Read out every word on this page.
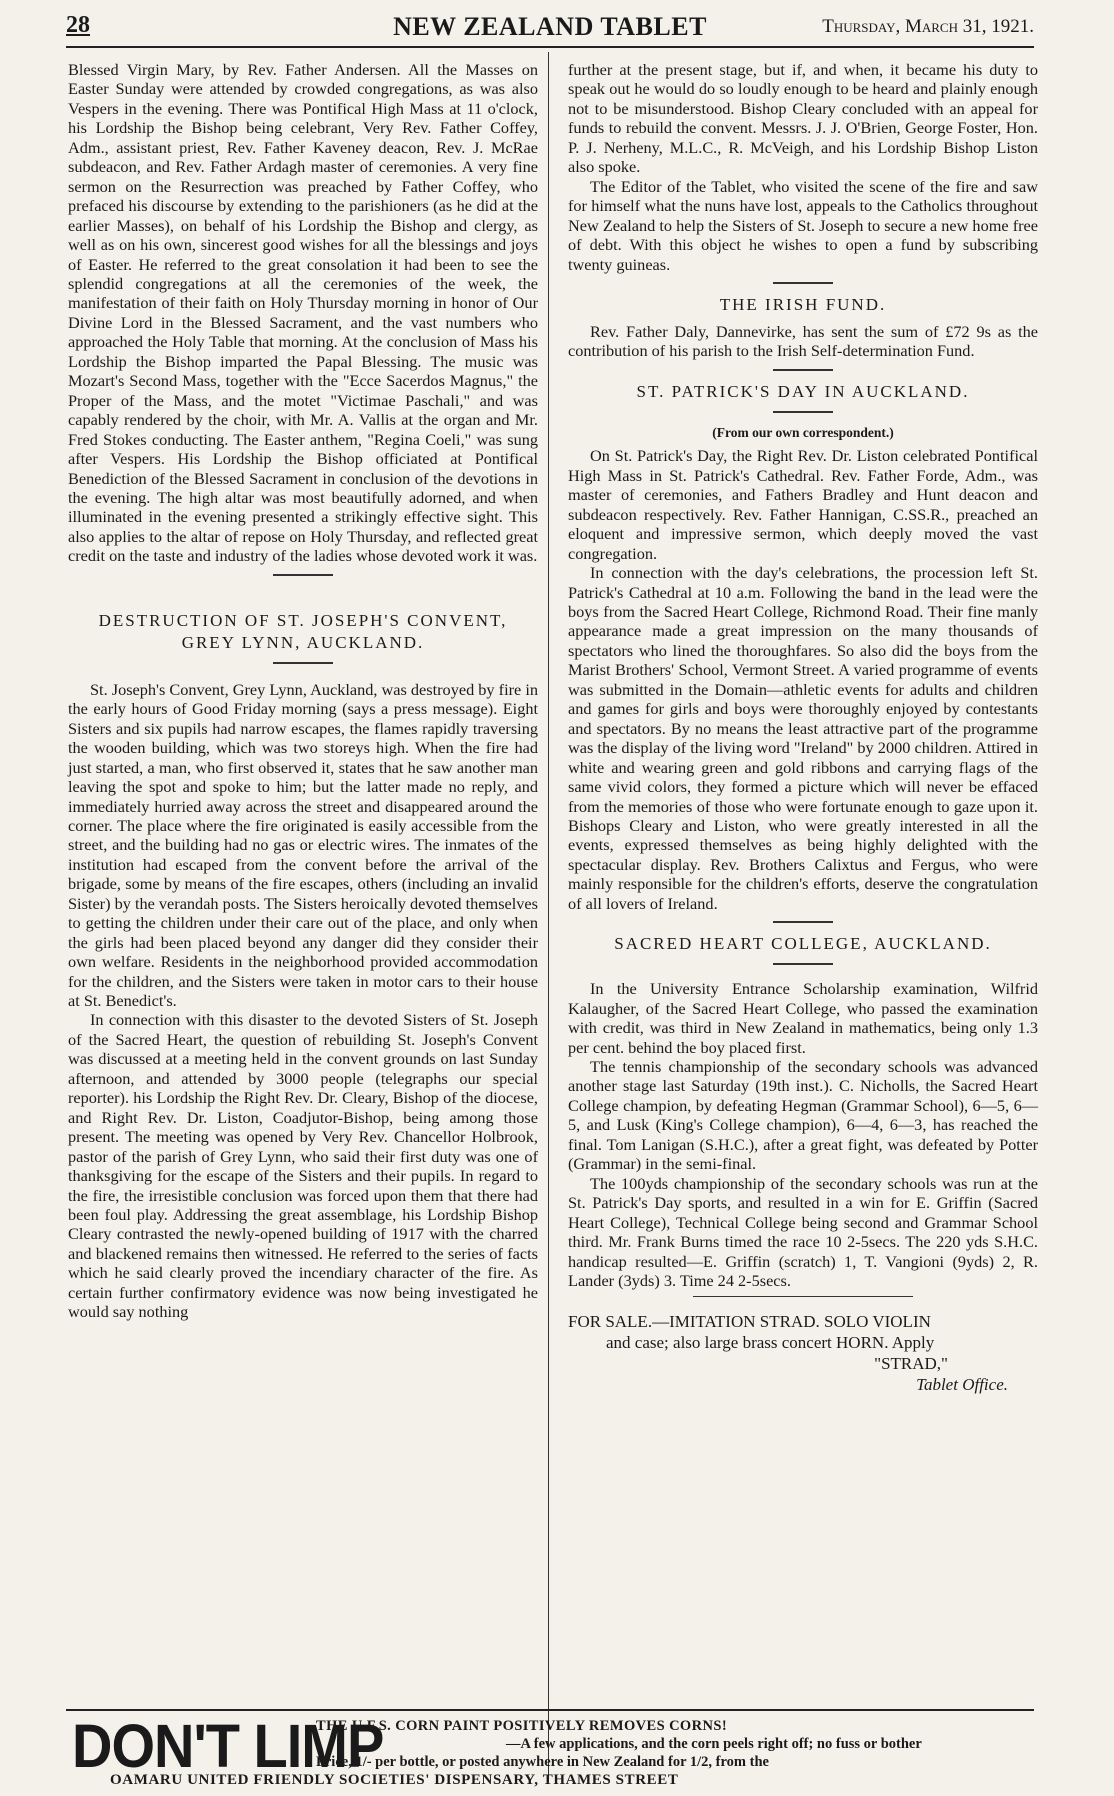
28	NEW ZEALAND TABLET	Thursday, March 31, 1921.

Blessed Virgin Mary, by Rev. Father Andersen. All the Masses on Easter Sunday were attended by crowded congregations, as was also Vespers in the evening. There was Pontifical High Mass at 11 o'clock, his Lordship the Bishop being celebrant, Very Rev. Father Coffey, Adm., assistant priest, Rev. Father Kaveney deacon, Rev. J. McRae subdeacon, and Rev. Father Ardagh master of ceremonies. A very fine sermon on the Resurrection was preached by Father Coffey, who prefaced his discourse by extending to the parishioners (as he did at the earlier Masses), on behalf of his Lordship the Bishop and clergy, as well as on his own, sincerest good wishes for all the blessings and joys of Easter. He referred to the great consolation it had been to see the splendid congregations at all the ceremonies of the week, the manifestation of their faith on Holy Thursday morning in honor of Our Divine Lord in the Blessed Sacrament, and the vast numbers who approached the Holy Table that morning. At the conclusion of Mass his Lordship the Bishop imparted the Papal Blessing. The music was Mozart's Second Mass, together with the "Ecce Sacerdos Magnus," the Proper of the Mass, and the motet "Victimae Paschali," and was capably rendered by the choir, with Mr. A. Vallis at the organ and Mr. Fred Stokes conducting. The Easter anthem, "Regina Coeli," was sung after Vespers. His Lordship the Bishop officiated at Pontifical Benediction of the Blessed Sacrament in conclusion of the devotions in the evening. The high altar was most beautifully adorned, and when illuminated in the evening presented a strikingly effective sight. This also applies to the altar of repose on Holy Thursday, and reflected great credit on the taste and industry of the ladies whose devoted work it was.

DESTRUCTION OF ST. JOSEPH'S CONVENT,
GREY LYNN, AUCKLAND.

St. Joseph's Convent, Grey Lynn, Auckland, was destroyed by fire in the early hours of Good Friday morning (says a press message). Eight Sisters and six pupils had narrow escapes, the flames rapidly traversing the wooden building, which was two storeys high. When the fire had just started, a man, who first observed it, states that he saw another man leaving the spot and spoke to him; but the latter made no reply, and immediately hurried away across the street and disappeared around the corner. The place where the fire originated is easily accessible from the street, and the building had no gas or electric wires. The inmates of the institution had escaped from the convent before the arrival of the brigade, some by means of the fire escapes, others (including an invalid Sister) by the verandah posts. The Sisters heroically devoted themselves to getting the children under their care out of the place, and only when the girls had been placed beyond any danger did they consider their own welfare. Residents in the neighborhood provided accommodation for the children, and the Sisters were taken in motor cars to their house at St. Benedict's.

In connection with this disaster to the devoted Sisters of St. Joseph of the Sacred Heart, the question of rebuilding St. Joseph's Convent was discussed at a meeting held in the convent grounds on last Sunday afternoon, and attended by 3000 people (telegraphs our special reporter). his Lordship the Right Rev. Dr. Cleary, Bishop of the diocese, and Right Rev. Dr. Liston, Coadjutor-Bishop, being among those present. The meeting was opened by Very Rev. Chancellor Holbrook, pastor of the parish of Grey Lynn, who said their first duty was one of thanksgiving for the escape of the Sisters and their pupils. In regard to the fire, the irresistible conclusion was forced upon them that there had been foul play. Addressing the great assemblage, his Lordship Bishop Cleary contrasted the newly-opened building of 1917 with the charred and blackened remains then witnessed. He referred to the series of facts which he said clearly proved the incendiary character of the fire. As certain further confirmatory evidence was now being investigated he would say nothing

further at the present stage, but if, and when, it became his duty to speak out he would do so loudly enough to be heard and plainly enough not to be misunderstood. Bishop Cleary concluded with an appeal for funds to rebuild the convent. Messrs. J. J. O'Brien, George Foster, Hon. P. J. Nerheny, M.L.C., R. McVeigh, and his Lordship Bishop Liston also spoke.

The Editor of the Tablet, who visited the scene of the fire and saw for himself what the nuns have lost, appeals to the Catholics throughout New Zealand to help the Sisters of St. Joseph to secure a new home free of debt. With this object he wishes to open a fund by subscribing twenty guineas.

THE IRISH FUND.

Rev. Father Daly, Dannevirke, has sent the sum of £72 9s as the contribution of his parish to the Irish Self-determination Fund.

ST. PATRICK'S DAY IN AUCKLAND.
(From our own correspondent.)

On St. Patrick's Day, the Right Rev. Dr. Liston celebrated Pontifical High Mass in St. Patrick's Cathedral. Rev. Father Forde, Adm., was master of ceremonies, and Fathers Bradley and Hunt deacon and subdeacon respectively. Rev. Father Hannigan, C.SS.R., preached an eloquent and impressive sermon, which deeply moved the vast congregation.

In connection with the day's celebrations, the procession left St. Patrick's Cathedral at 10 a.m. Following the band in the lead were the boys from the Sacred Heart College, Richmond Road. Their fine manly appearance made a great impression on the many thousands of spectators who lined the thoroughfares. So also did the boys from the Marist Brothers' School, Vermont Street. A varied programme of events was submitted in the Domain—athletic events for adults and children and games for girls and boys were thoroughly enjoyed by contestants and spectators. By no means the least attractive part of the programme was the display of the living word "Ireland" by 2000 children. Attired in white and wearing green and gold ribbons and carrying flags of the same vivid colors, they formed a picture which will never be effaced from the memories of those who were fortunate enough to gaze upon it. Bishops Cleary and Liston, who were greatly interested in all the events, expressed themselves as being highly delighted with the spectacular display. Rev. Brothers Calixtus and Fergus, who were mainly responsible for the children's efforts, deserve the congratulation of all lovers of Ireland.

SACRED HEART COLLEGE, AUCKLAND.

In the University Entrance Scholarship examination, Wilfrid Kalaugher, of the Sacred Heart College, who passed the examination with credit, was third in New Zealand in mathematics, being only 1.3 per cent. behind the boy placed first.

The tennis championship of the secondary schools was advanced another stage last Saturday (19th inst.). C. Nicholls, the Sacred Heart College champion, by defeating Hegman (Grammar School), 6—5, 6—5, and Lusk (King's College champion), 6—4, 6—3, has reached the final. Tom Lanigan (S.H.C.), after a great fight, was defeated by Potter (Grammar) in the semi-final.

The 100yds championship of the secondary schools was run at the St. Patrick's Day sports, and resulted in a win for E. Griffin (Sacred Heart College), Technical College being second and Grammar School third. Mr. Frank Burns timed the race 10 2-5secs. The 220 yds S.H.C. handicap resulted—E. Griffin (scratch) 1, T. Vangioni (9yds) 2, R. Lander (3yds) 3. Time 24 2-5secs.

FOR SALE.—IMITATION STRAD. SOLO VIOLIN
and case; also large brass concert HORN. Apply
"STRAD,"
Tablet Office.
DON'T LIMP
THE U.F.S. CORN PAINT POSITIVELY REMOVES CORNS!
—A few applications, and the corn peels right off; no fuss or bother
Price, 1/- per bottle, or posted anywhere in New Zealand for 1/2, from the
OAMARU UNITED FRIENDLY SOCIETIES' DISPENSARY, THAMES STREET
